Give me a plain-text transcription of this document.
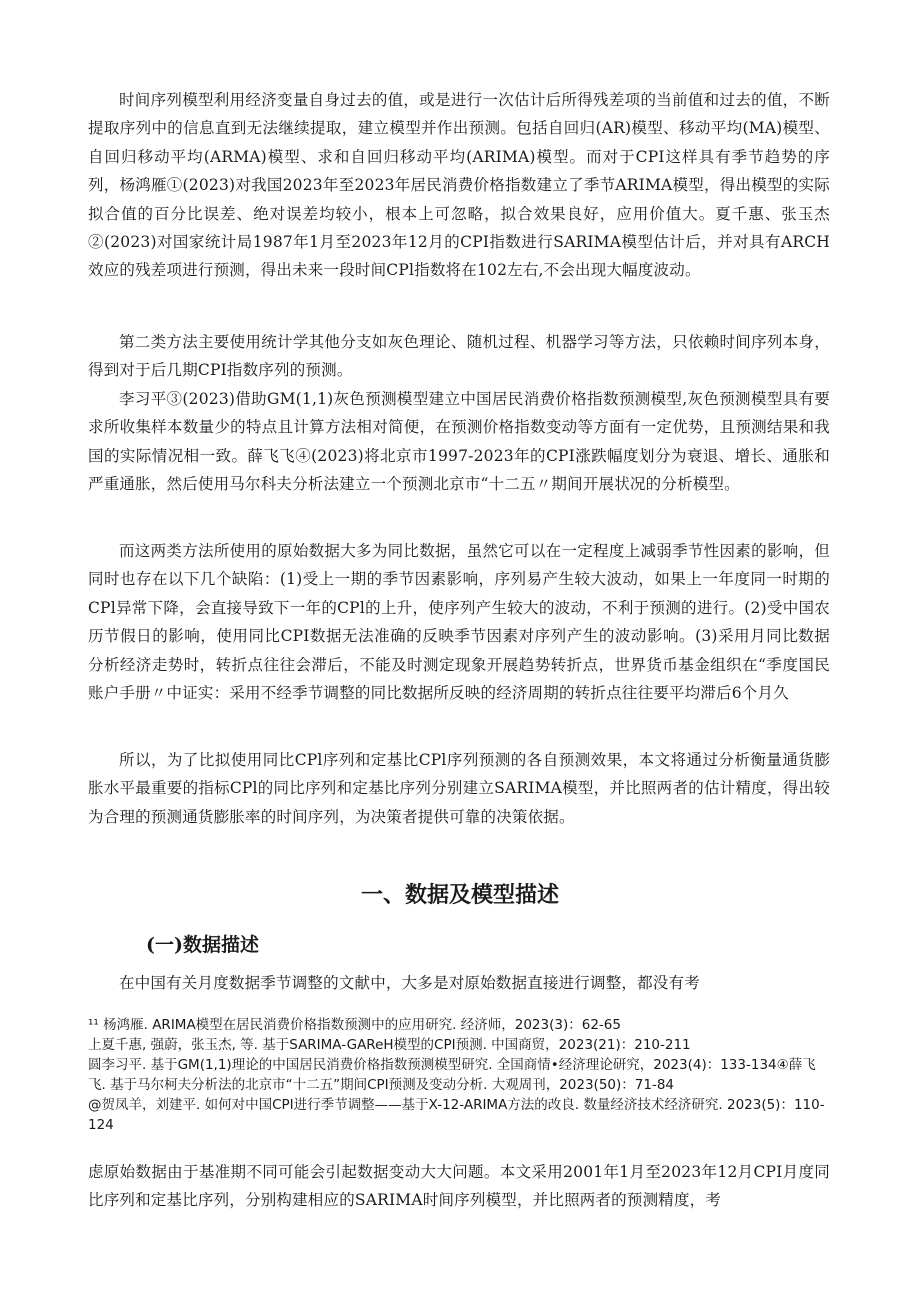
时间序列模型利用经济变量自身过去的值，或是进行一次估计后所得残差项的当前值和过去的值，不断提取序列中的信息直到无法继续提取，建立模型并作出预测。包括自回归(AR)模型、移动平均(MA)模型、自回归移动平均(ARMA)模型、求和自回归移动平均(ARIMA)模型。而对于CPI这样具有季节趋势的序列，杨鸿雁①(2023)对我国2023年至2023年居民消费价格指数建立了季节ARIMA模型，得出模型的实际拟合值的百分比误差、绝对误差均较小，根本上可忽略，拟合效果良好，应用价值大。夏千惠、张玉杰②(2023)对国家统计局1987年1月至2023年12月的CPI指数进行SARIMA模型估计后，并对具有ARCH效应的残差项进行预测，得出未来一段时间CPl指数将在102左右,不会出现大幅度波动。

第二类方法主要使用统计学其他分支如灰色理论、随机过程、机器学习等方法，只依赖时间序列本身，得到对于后几期CPI指数序列的预测。

李习平③(2023)借助GM(1,1)灰色预测模型建立中国居民消费价格指数预测模型,灰色预测模型具有要求所收集样本数量少的特点且计算方法相对简便，在预测价格指数变动等方面有一定优势，且预测结果和我国的实际情况相一致。薛飞飞④(2023)将北京市1997-2023年的CPI涨跌幅度划分为衰退、增长、通胀和严重通胀，然后使用马尔科夫分析法建立一个预测北京市“十二五〃期间开展状况的分析模型。

而这两类方法所使用的原始数据大多为同比数据，虽然它可以在一定程度上减弱季节性因素的影响，但同时也存在以下几个缺陷：(1)受上一期的季节因素影响，序列易产生较大波动，如果上一年度同一时期的CPl异常下降，会直接导致下一年的CPl的上升，使序列产生较大的波动，不利于预测的进行。(2)受中国农历节假日的影响，使用同比CPI数据无法准确的反映季节因素对序列产生的波动影响。(3)采用月同比数据分析经济走势时，转折点往往会滞后，不能及时测定现象开展趋势转折点，世界货币基金组织在“季度国民账户手册〃中证实：采用不经季节调整的同比数据所反映的经济周期的转折点往往要平均滞后6个月久

所以，为了比拟使用同比CPl序列和定基比CPl序列预测的各自预测效果，本文将通过分析衡量通货膨胀水平最重要的指标CPl的同比序列和定基比序列分别建立SARIMA模型，并比照两者的估计精度，得出较为合理的预测通货膨胀率的时间序列，为决策者提供可靠的决策依据。

一、数据及模型描述
(一)数据描述

在中国有关月度数据季节调整的文献中，大多是对原始数据直接进行调整，都没有考

¹¹ 杨鸿雁. ARIMA模型在居民消费价格指数预测中的应用研究. 经济师，2023(3)：62-65

上夏千惠, 强蔚，张玉杰, 等. 基于SARIMA-GAReH模型的CPI预测. 中国商贸，2023(21)：210-211

圆李习平. 基于GM(1,1)理论的中国居民消费价格指数预测模型研究. 全国商情•经济理论研究，2023(4)：133-134④薛飞飞. 基于马尔柯夫分析法的北京市“十二五”期间CPI预测及变动分析. 大观周刊，2023(50)：71-84

@贺凤羊，刘建平. 如何对中国CPI进行季节调整——基于X-12-ARIMA方法的改良. 数量经济技术经济研究. 2023(5)：110-124

虑原始数据由于基准期不同可能会引起数据变动大大问题。本文采用2001年1月至2023年12月CPI月度同比序列和定基比序列，分别构建相应的SARIMA时间序列模型，并比照两者的预测精度，考
